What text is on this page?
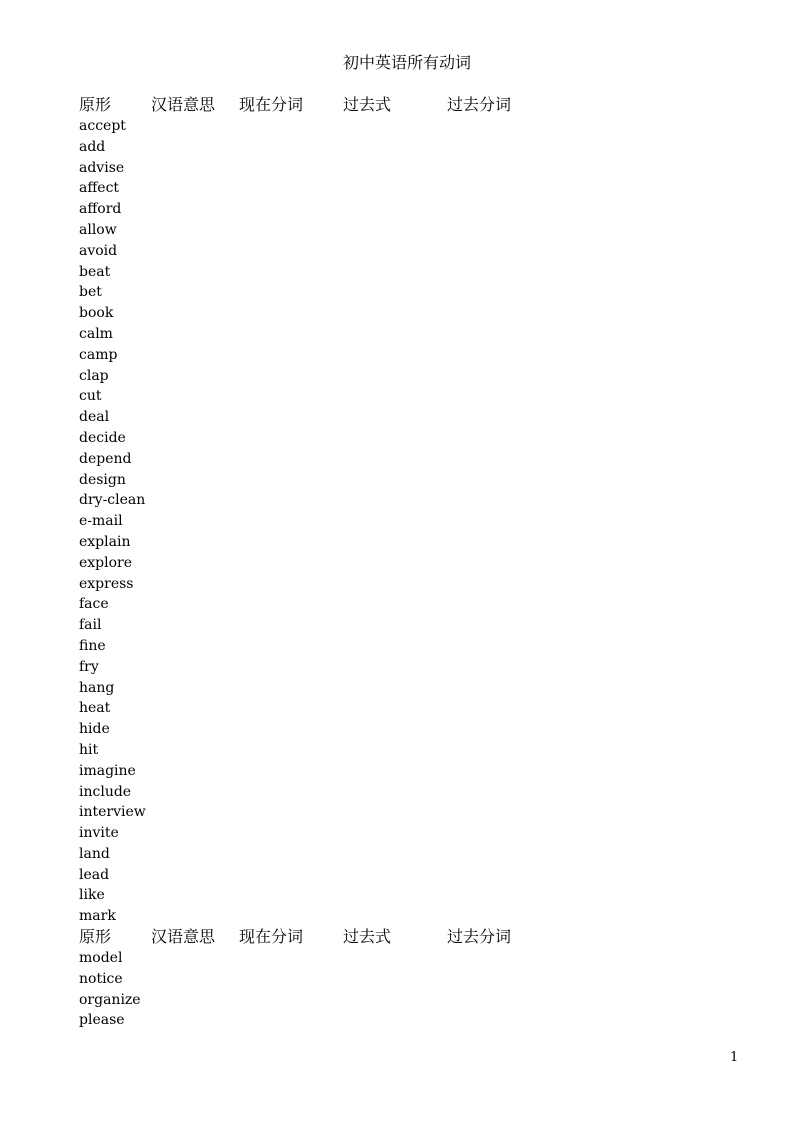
初中英语所有动词
原形 汉语意思 现在分词 过去式	过去分词
accept
add
advise
affect
afford
allow
avoid
beat
bet
book
calm
camp
clap
cut
deal
decide
depend
design
dry-clean
e-mail
explain
explore
express
face
fail
fine
fry
hang
heat
hide
hit
imagine
include
interview
invite
land
lead
like
mark
原形 汉语意思 现在分词 过去式	过去分词
model
notice
organize
please
1
